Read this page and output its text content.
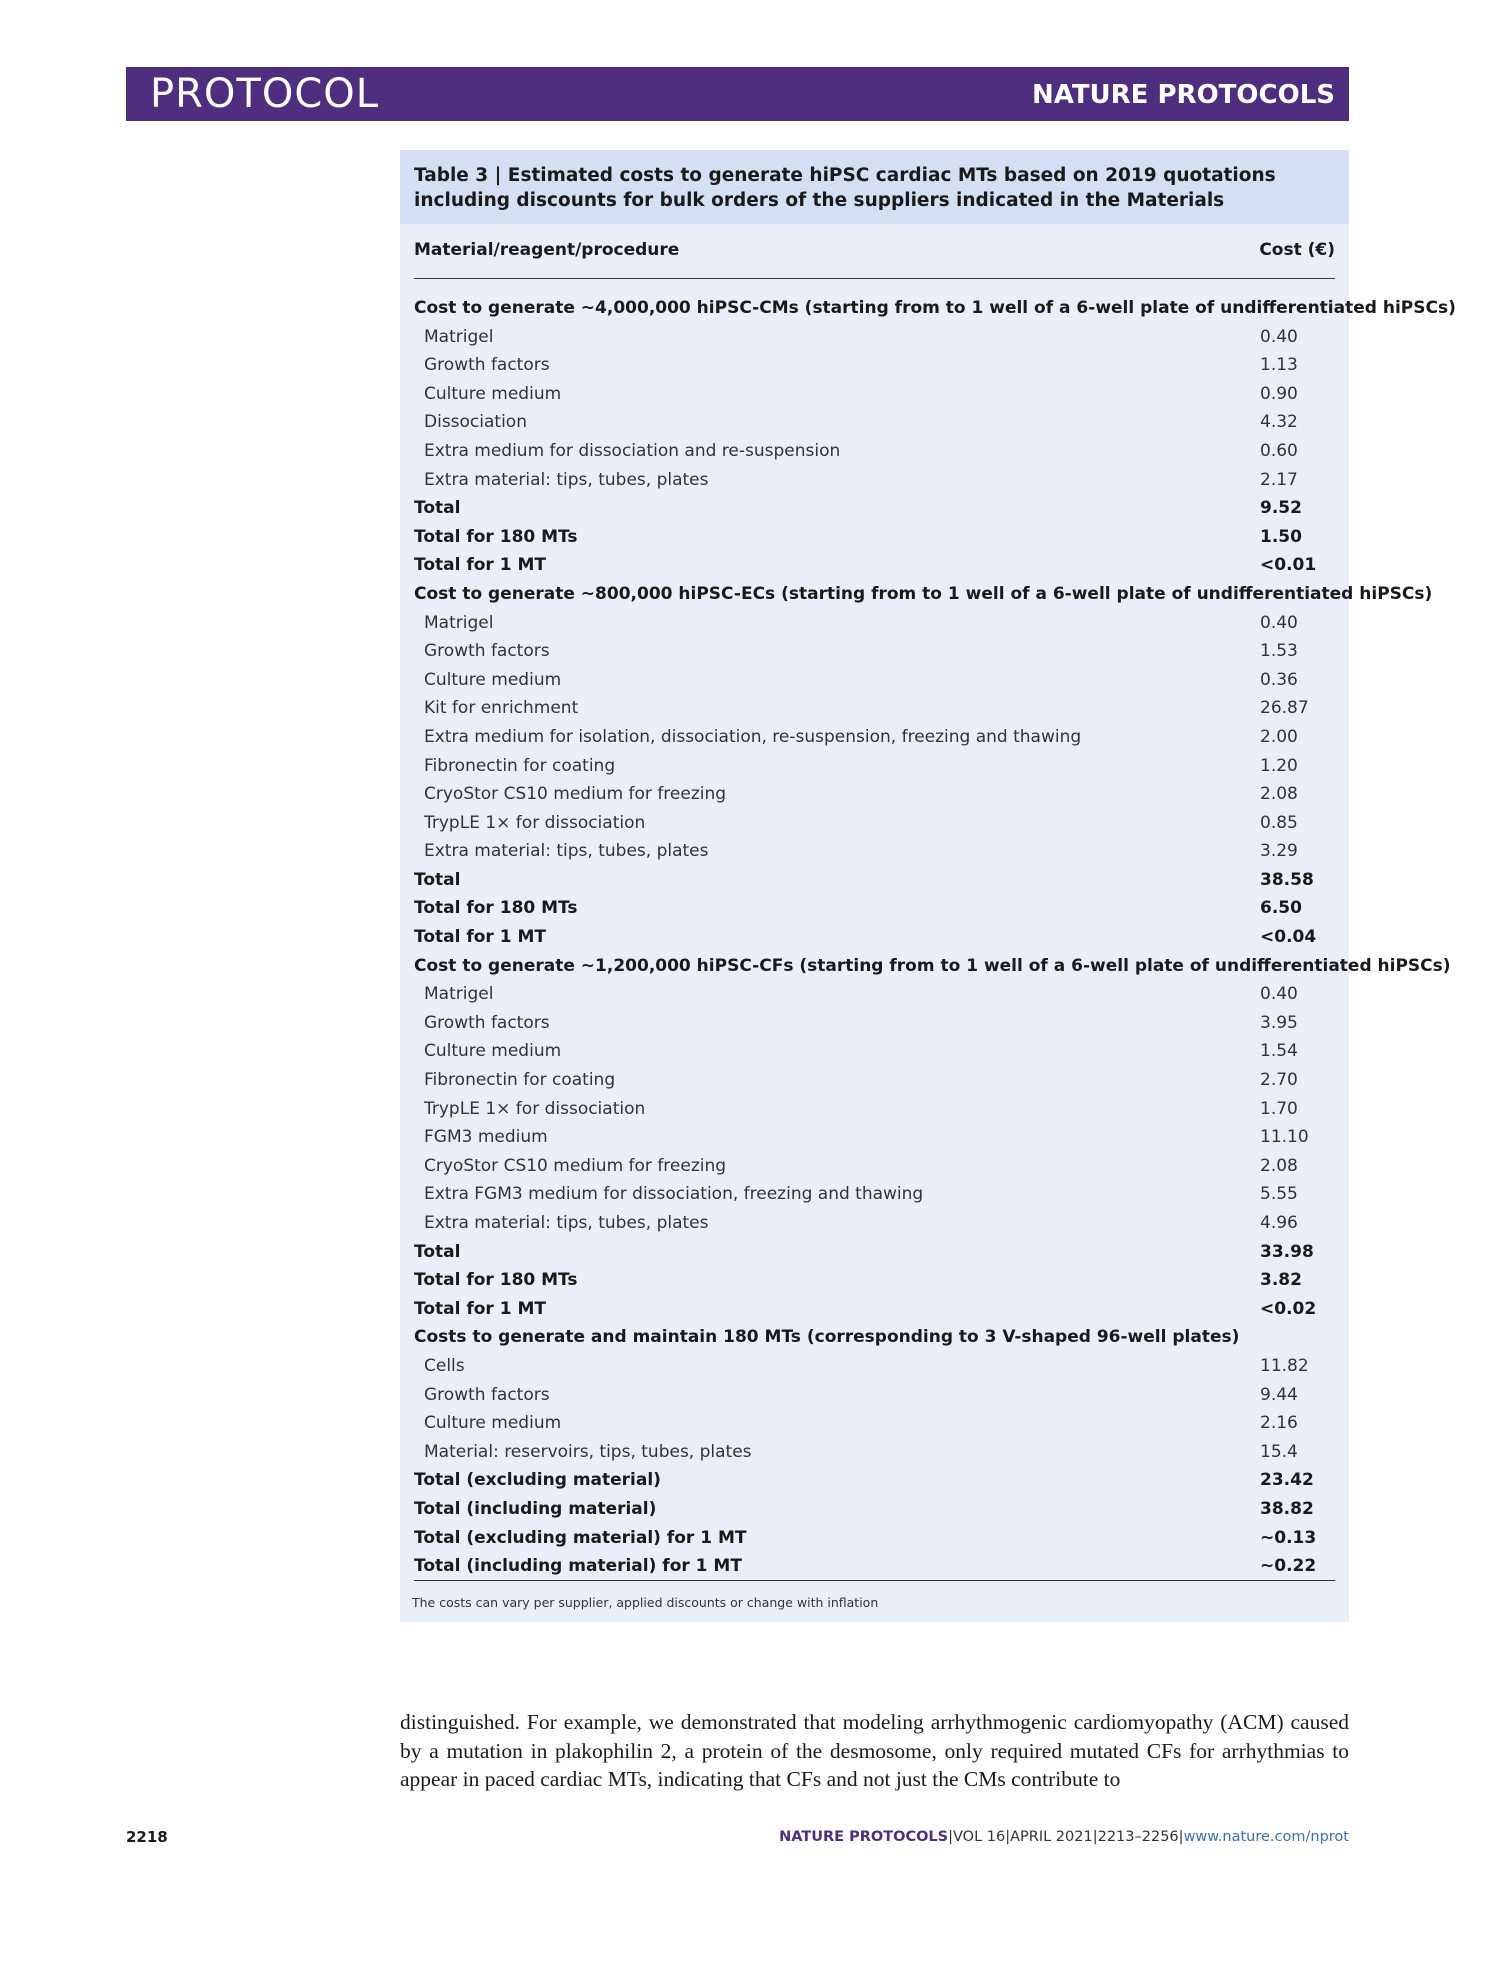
PROTOCOL	NATURE PROTOCOLS
Table 3 | Estimated costs to generate hiPSC cardiac MTs based on 2019 quotations including discounts for bulk orders of the suppliers indicated in the Materials
Material/reagent/procedure	Cost (€)
Cost to generate ~4,000,000 hiPSC-CMs (starting from to 1 well of a 6-well plate of undifferentiated hiPSCs)
Matrigel	0.40
Growth factors	1.13
Culture medium	0.90
Dissociation	4.32
Extra medium for dissociation and re-suspension	0.60
Extra material: tips, tubes, plates	2.17
Total	9.52
Total for 180 MTs	1.50
Total for 1 MT	<0.01
Cost to generate ~800,000 hiPSC-ECs (starting from to 1 well of a 6-well plate of undifferentiated hiPSCs)
Matrigel	0.40
Growth factors	1.53
Culture medium	0.36
Kit for enrichment	26.87
Extra medium for isolation, dissociation, re-suspension, freezing and thawing	2.00
Fibronectin for coating	1.20
CryoStor CS10 medium for freezing	2.08
TrypLE 1× for dissociation	0.85
Extra material: tips, tubes, plates	3.29
Total	38.58
Total for 180 MTs	6.50
Total for 1 MT	<0.04
Cost to generate ~1,200,000 hiPSC-CFs (starting from to 1 well of a 6-well plate of undifferentiated hiPSCs)
Matrigel	0.40
Growth factors	3.95
Culture medium	1.54
Fibronectin for coating	2.70
TrypLE 1× for dissociation	1.70
FGM3 medium	11.10
CryoStor CS10 medium for freezing	2.08
Extra FGM3 medium for dissociation, freezing and thawing	5.55
Extra material: tips, tubes, plates	4.96
Total	33.98
Total for 180 MTs	3.82
Total for 1 MT	<0.02
Costs to generate and maintain 180 MTs (corresponding to 3 V-shaped 96-well plates)
Cells	11.82
Growth factors	9.44
Culture medium	2.16
Material: reservoirs, tips, tubes, plates	15.4
Total (excluding material)	23.42
Total (including material)	38.82
Total (excluding material) for 1 MT	~0.13
Total (including material) for 1 MT	~0.22
The costs can vary per supplier, applied discounts or change with inflation
distinguished. For example, we demonstrated that modeling arrhythmogenic cardiomyopathy (ACM) caused by a mutation in plakophilin 2, a protein of the desmosome, only required mutated CFs for arrhythmias to appear in paced cardiac MTs, indicating that CFs and not just the CMs contribute to
2218	NATURE PROTOCOLS|VOL 16|APRIL 2021|2213–2256|www.nature.com/nprot
